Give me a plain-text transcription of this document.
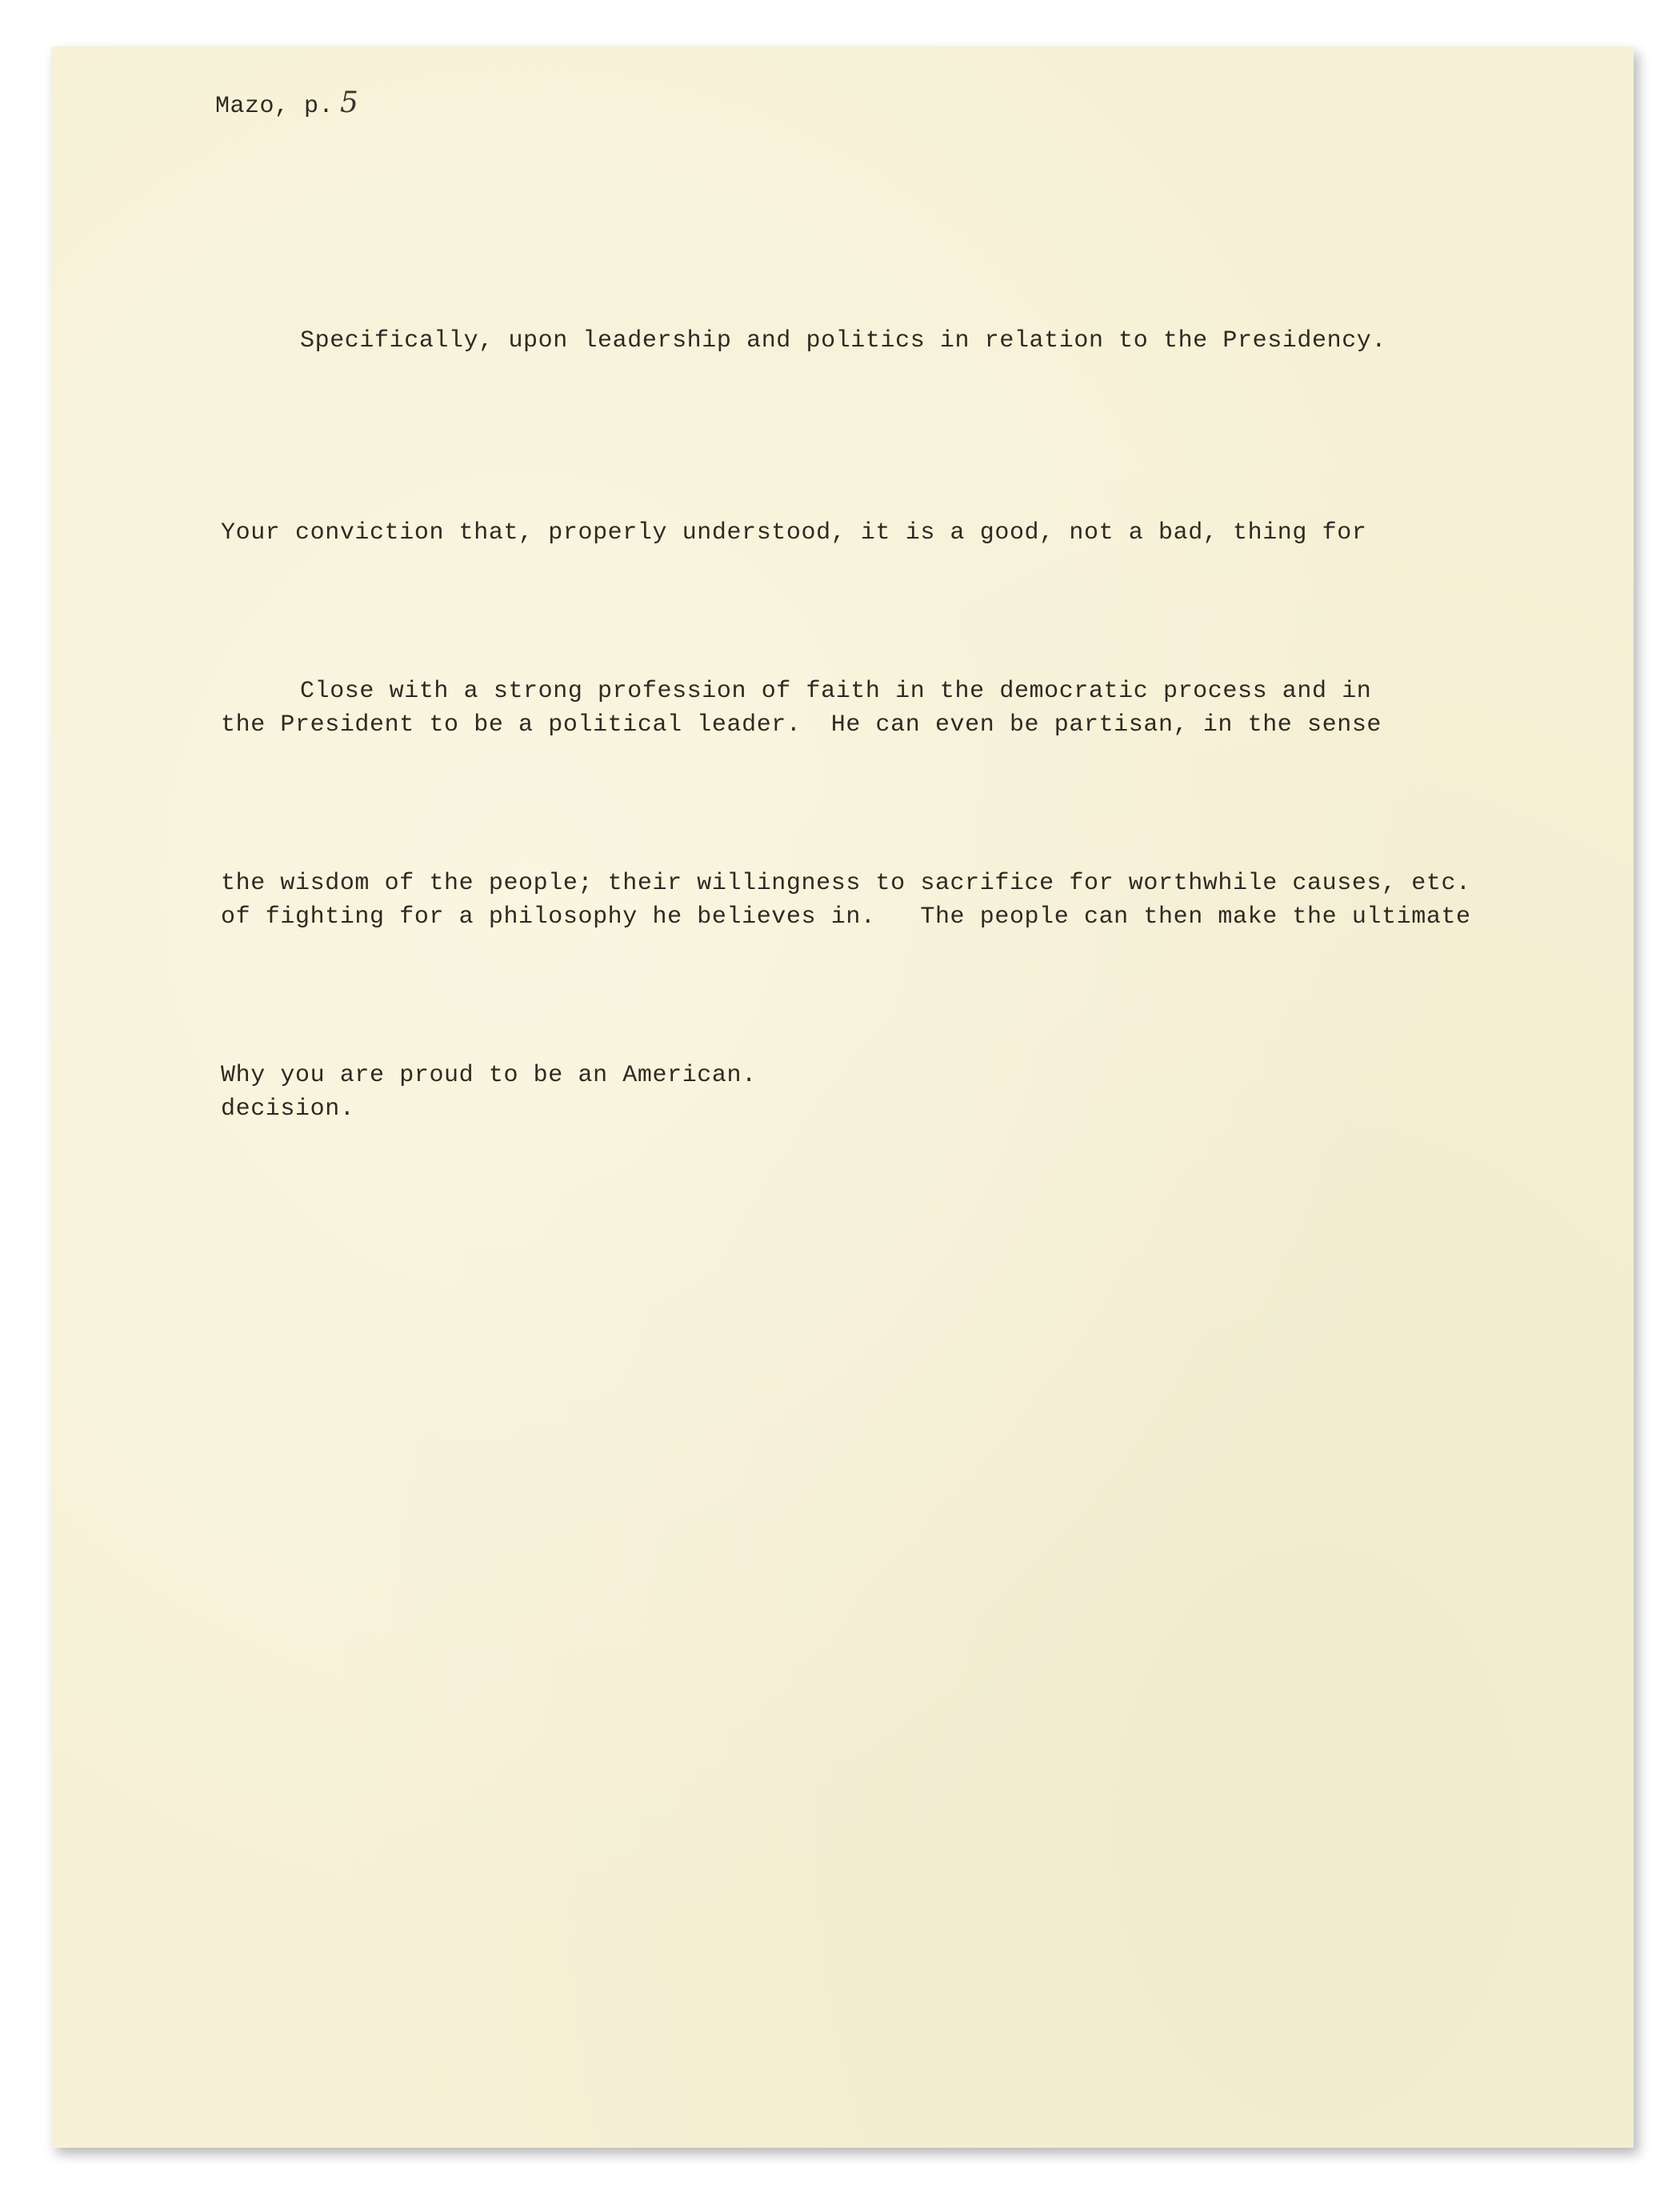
Mazo, p. 5

Specifically, upon leadership and politics in relation to the Presidency.

Your conviction that, properly understood, it is a good, not a bad, thing for

the President to be a political leader.  He can even be partisan, in the sense

of fighting for a philosophy he believes in.   The people can then make the ultimate

decision.

Close with a strong profession of faith in the democratic process and in

the wisdom of the people; their willingness to sacrifice for worthwhile causes, etc.

Why you are proud to be an American.
